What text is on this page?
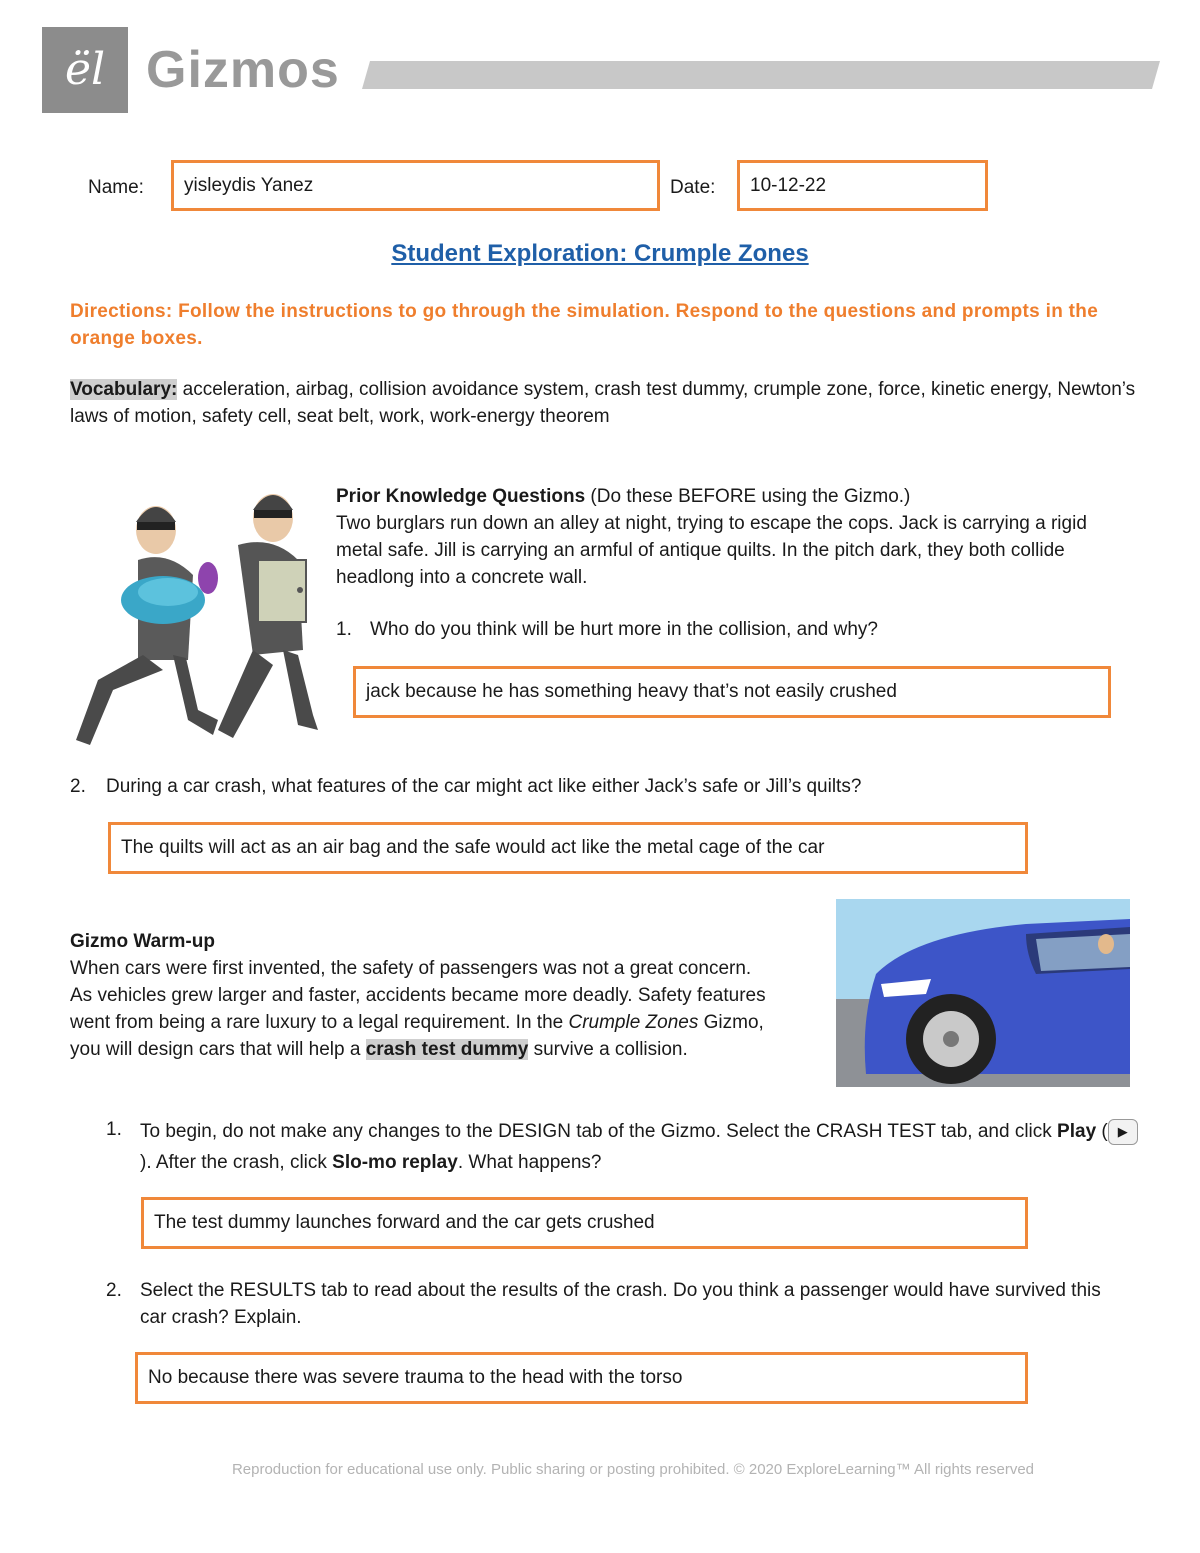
ël Gizmos
Name: yisleydis Yanez	Date: 10-12-22
Student Exploration: Crumple Zones
Directions: Follow the instructions to go through the simulation. Respond to the questions and prompts in the orange boxes.
Vocabulary: acceleration, airbag, collision avoidance system, crash test dummy, crumple zone, force, kinetic energy, Newton’s laws of motion, safety cell, seat belt, work, work-energy theorem
Prior Knowledge Questions (Do these BEFORE using the Gizmo.)
Two burglars run down an alley at night, trying to escape the cops. Jack is carrying a rigid metal safe. Jill is carrying an armful of antique quilts. In the pitch dark, they both collide headlong into a concrete wall.
1. Who do you think will be hurt more in the collision, and why?
jack because he has something heavy that’s not easily crushed
2. During a car crash, what features of the car might act like either Jack’s safe or Jill’s quilts?
The quilts will act as an air bag and the safe would act like the metal cage of the car
Gizmo Warm-up
When cars were first invented, the safety of passengers was not a great concern. As vehicles grew larger and faster, accidents became more deadly. Safety features went from being a rare luxury to a legal requirement. In the Crumple Zones Gizmo, you will design cars that will help a crash test dummy survive a collision.
1. To begin, do not make any changes to the DESIGN tab of the Gizmo. Select the CRASH TEST tab, and click Play ( ▶). After the crash, click Slo-mo replay. What happens?
The test dummy launches forward and the car gets crushed
2. Select the RESULTS tab to read about the results of the crash. Do you think a passenger would have survived this car crash? Explain.
No because there was severe trauma to the head with the torso
Reproduction for educational use only. Public sharing or posting prohibited. © 2020 ExploreLearning™ All rights reserved
